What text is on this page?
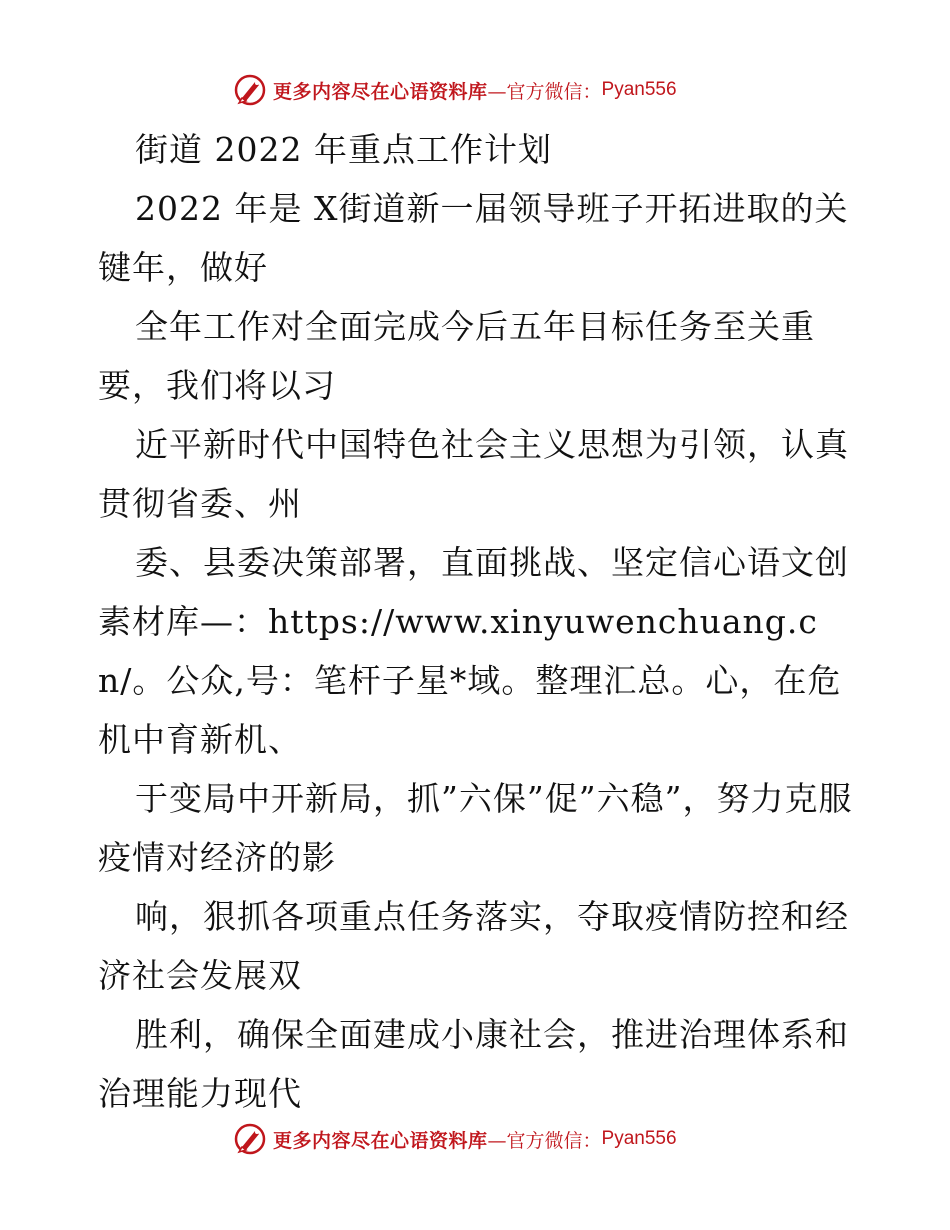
更多内容尽在心语资料库 —官方微信： Pyan556

街道 2022 年重点工作计划

2022 年是 X街道新一届领导班子开拓进取的关键年，做好

全年工作对全面完成今后五年目标任务至关重要，我们将以习

近平新时代中国特色社会主义思想为引领，认真贯彻省委、州

委、县委决策部署，直面挑战、坚定信心语文创素材库—：https://www.xinyuwenchuang.cn/。公众,号：笔杆子星*域。整理汇总。心，在危机中育新机、

于变局中开新局，抓”六保”促”六稳”，努力克服疫情对经济的影

响，狠抓各项重点任务落实，夺取疫情防控和经济社会发展双

胜利，确保全面建成小康社会，推进治理体系和治理能力现代

更多内容尽在心语资料库 —官方微信： Pyan556
